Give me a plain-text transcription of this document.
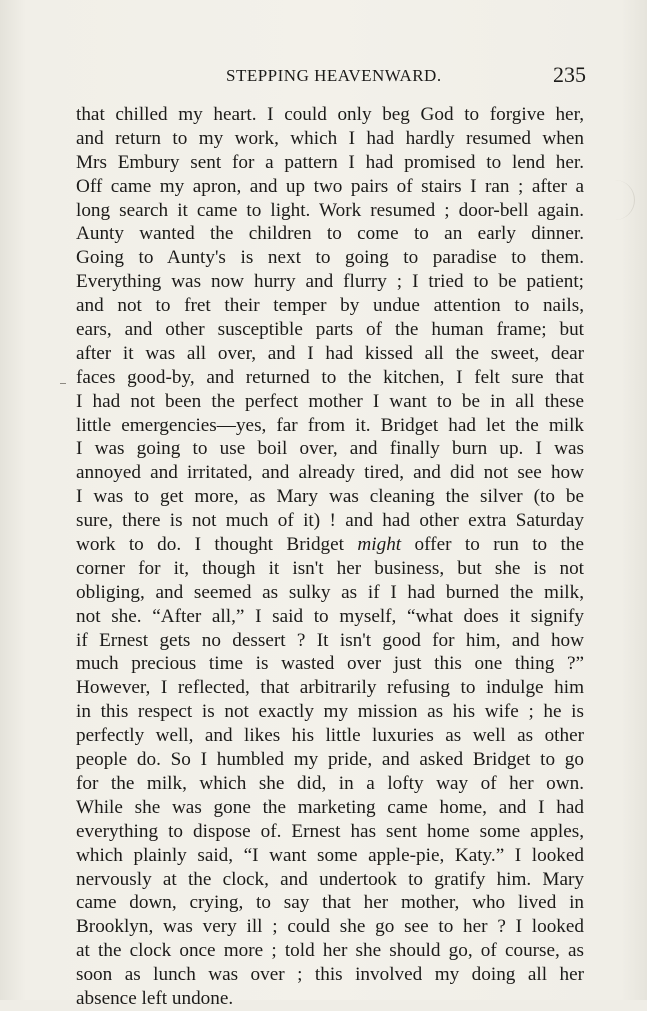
STEPPING HEAVENWARD.	235
that chilled my heart. I could only beg God to forgive her,
and return to my work, which I had hardly resumed when
Mrs Embury sent for a pattern I had promised to lend her.
Off came my apron, and up two pairs of stairs I ran ; after a
long search it came to light. Work resumed ; door-bell again.
Aunty wanted the children to come to an early dinner.
Going to Aunty's is next to going to paradise to them.
Everything was now hurry and flurry ; I tried to be patient;
and not to fret their temper by undue attention to nails,
ears, and other susceptible parts of the human frame; but
after it was all over, and I had kissed all the sweet, dear
faces good-by, and returned to the kitchen, I felt sure that
I had not been the perfect mother I want to be in all these
little emergencies—yes, far from it. Bridget had let the milk
I was going to use boil over, and finally burn up. I was
annoyed and irritated, and already tired, and did not see how
I was to get more, as Mary was cleaning the silver (to be
sure, there is not much of it) ! and had other extra Saturday
work to do. I thought Bridget might offer to run to the
corner for it, though it isn't her business, but she is not
obliging, and seemed as sulky as if I had burned the milk,
not she. “After all,” I said to myself, “what does it signify
if Ernest gets no dessert ? It isn't good for him, and how
much precious time is wasted over just this one thing ?”
However, I reflected, that arbitrarily refusing to indulge him
in this respect is not exactly my mission as his wife ; he is
perfectly well, and likes his little luxuries as well as other
people do. So I humbled my pride, and asked Bridget to go
for the milk, which she did, in a lofty way of her own.
While she was gone the marketing came home, and I had
everything to dispose of. Ernest has sent home some apples,
which plainly said, “I want some apple-pie, Katy.” I looked
nervously at the clock, and undertook to gratify him. Mary
came down, crying, to say that her mother, who lived in
Brooklyn, was very ill ; could she go see to her ? I looked
at the clock once more ; told her she should go, of course, as
soon as lunch was over ; this involved my doing all her
absence left undone.
